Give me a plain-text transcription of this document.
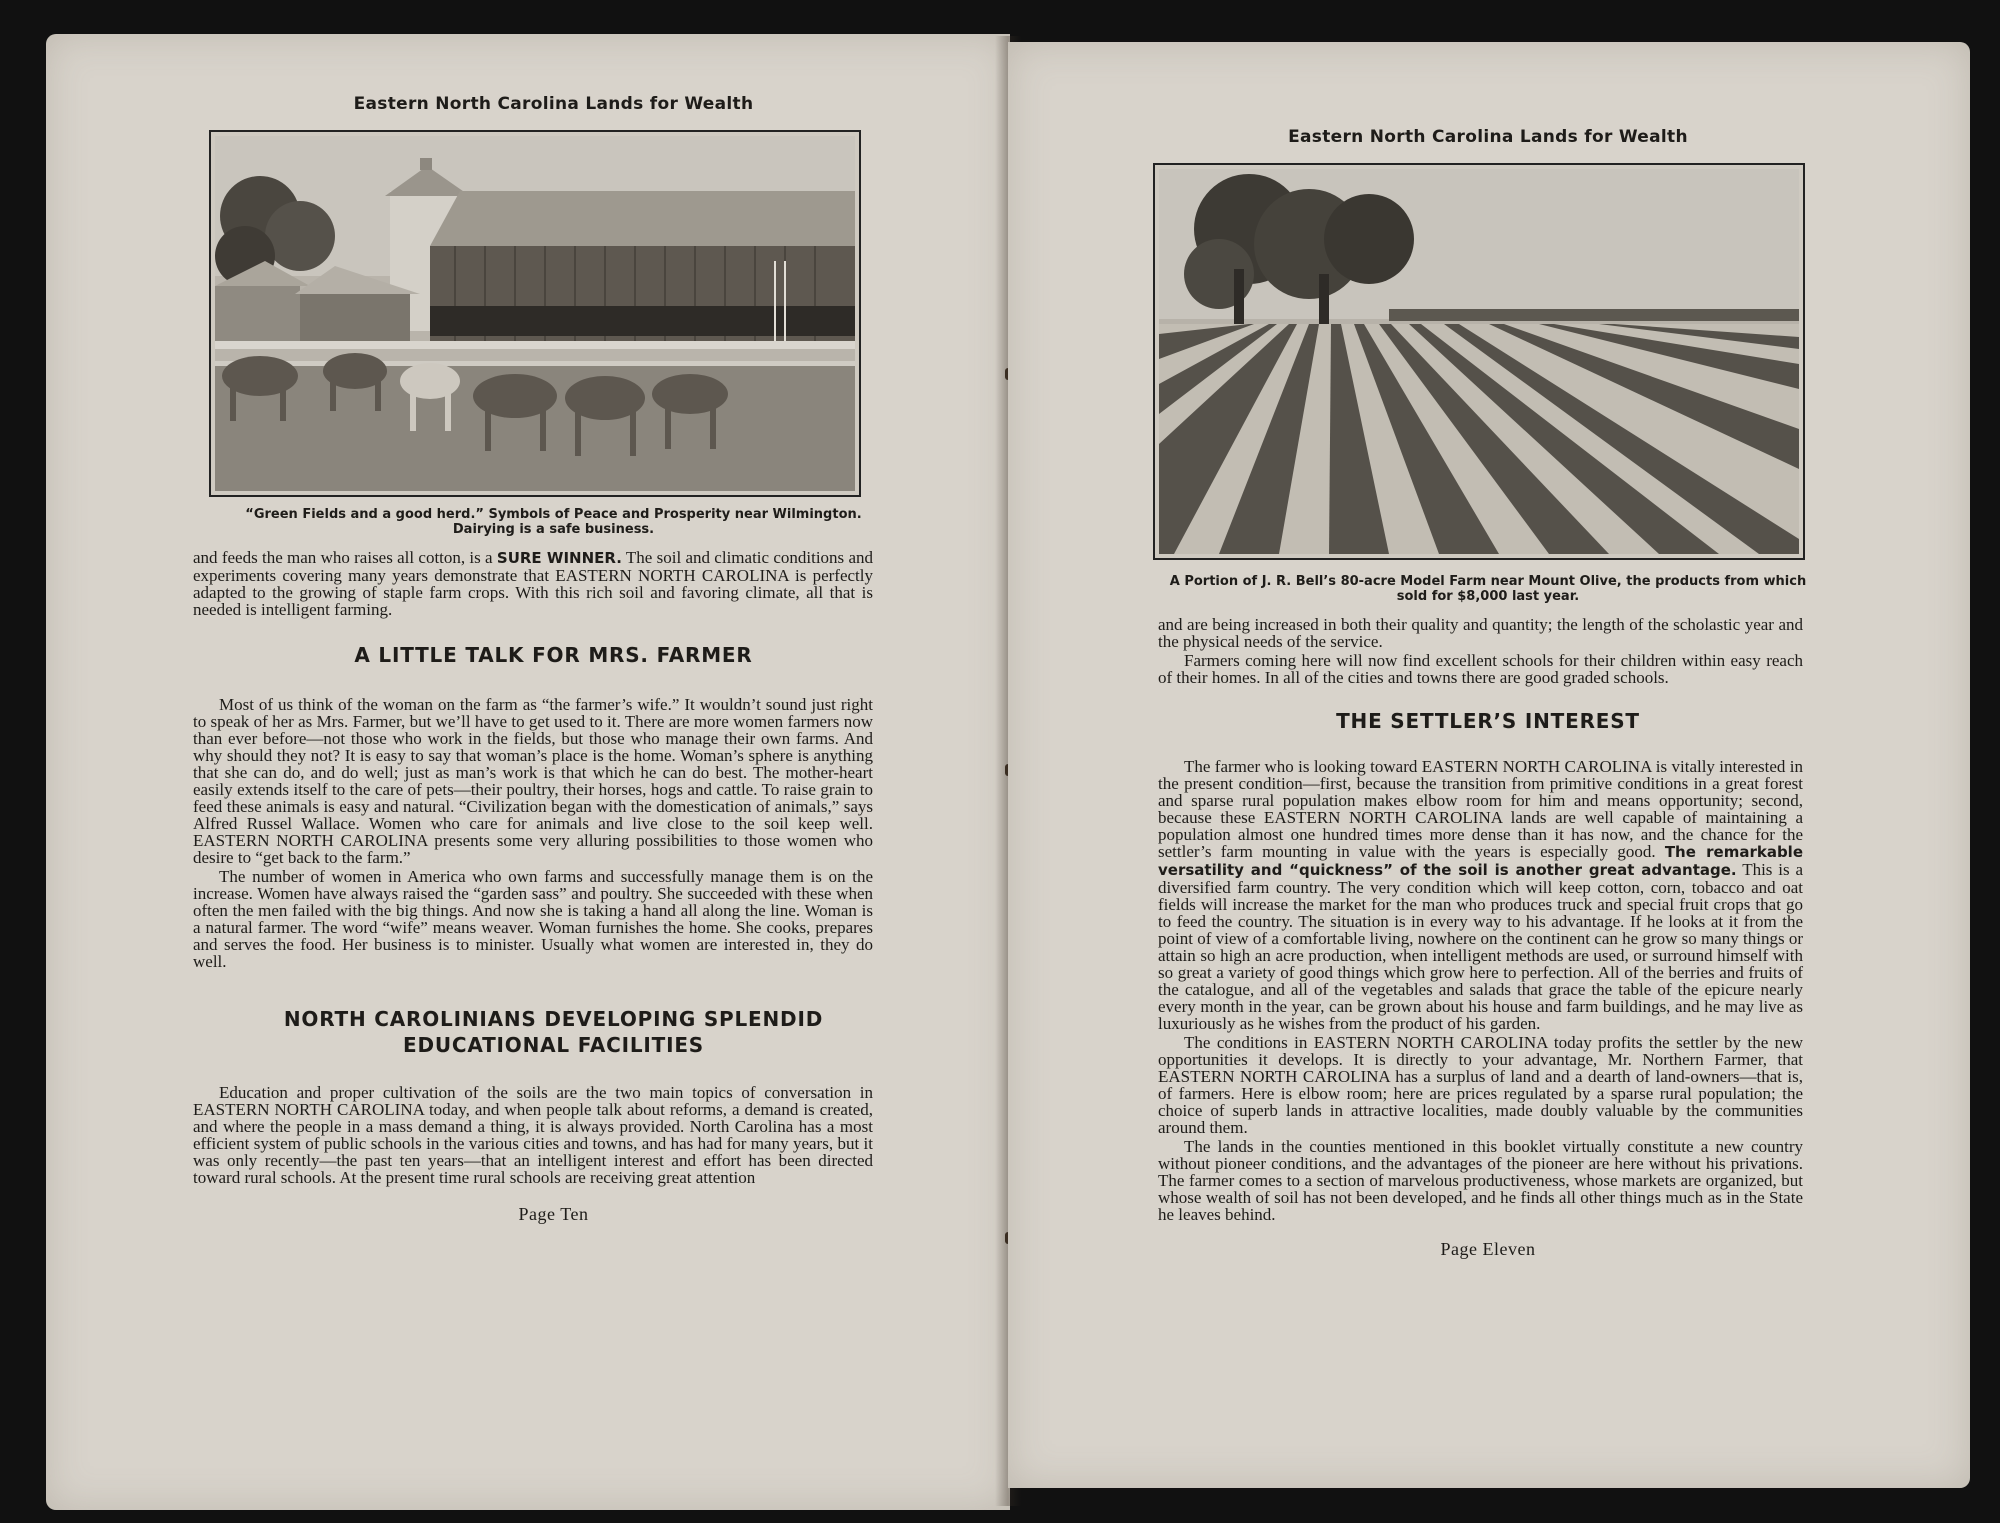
Eastern North Carolina Lands for Wealth
“Green Fields and a good herd.” Symbols of Peace and Prosperity near Wilmington.
Dairying is a safe business.

and feeds the man who raises all cotton, is a SURE WINNER. The soil and climatic conditions and experiments covering many years demonstrate that EASTERN NORTH CAROLINA is perfectly adapted to the growing of staple farm crops. With this rich soil and favoring climate, all that is needed is intelligent farming.

A LITTLE TALK FOR MRS. FARMER

Most of us think of the woman on the farm as “the farmer’s wife.” It wouldn’t sound just right to speak of her as Mrs. Farmer, but we’ll have to get used to it. There are more women farmers now than ever before—not those who work in the fields, but those who manage their own farms. And why should they not? It is easy to say that woman’s place is the home. Woman’s sphere is anything that she can do, and do well; just as man’s work is that which he can do best. The mother-heart easily extends itself to the care of pets—their poultry, their horses, hogs and cattle. To raise grain to feed these animals is easy and natural. “Civilization began with the domestication of animals,” says Alfred Russel Wallace. Women who care for animals and live close to the soil keep well. EASTERN NORTH CAROLINA presents some very alluring possibilities to those women who desire to “get back to the farm.”

The number of women in America who own farms and successfully manage them is on the increase. Women have always raised the “garden sass” and poultry. She succeeded with these when often the men failed with the big things. And now she is taking a hand all along the line. Woman is a natural farmer. The word “wife” means weaver. Woman furnishes the home. She cooks, prepares and serves the food. Her business is to minister. Usually what women are interested in, they do well.

NORTH CAROLINIANS DEVELOPING SPLENDID
EDUCATIONAL FACILITIES

Education and proper cultivation of the soils are the two main topics of conversation in EASTERN NORTH CAROLINA today, and when people talk about reforms, a demand is created, and where the people in a mass demand a thing, it is always provided. North Carolina has a most efficient system of public schools in the various cities and towns, and has had for many years, but it was only recently—the past ten years—that an intelligent interest and effort has been directed toward rural schools. At the present time rural schools are receiving great attention

Page Ten
Eastern North Carolina Lands for Wealth
A Portion of J. R. Bell’s 80-acre Model Farm near Mount Olive, the products from which
sold for $8,000 last year.

and are being increased in both their quality and quantity; the length of the scholastic year and the physical needs of the service.

Farmers coming here will now find excellent schools for their children within easy reach of their homes. In all of the cities and towns there are good graded schools.

THE SETTLER’S INTEREST

The farmer who is looking toward EASTERN NORTH CAROLINA is vitally interested in the present condition—first, because the transition from primitive conditions in a great forest and sparse rural population makes elbow room for him and means opportunity; second, because these EASTERN NORTH CAROLINA lands are well capable of maintaining a population almost one hundred times more dense than it has now, and the chance for the settler’s farm mounting in value with the years is especially good. The remarkable versatility and “quickness” of the soil is another great advantage. This is a diversified farm country. The very condition which will keep cotton, corn, tobacco and oat fields will increase the market for the man who produces truck and special fruit crops that go to feed the country. The situation is in every way to his advantage. If he looks at it from the point of view of a comfortable living, nowhere on the continent can he grow so many things or attain so high an acre production, when intelligent methods are used, or surround himself with so great a variety of good things which grow here to perfection. All of the berries and fruits of the catalogue, and all of the vegetables and salads that grace the table of the epicure nearly every month in the year, can be grown about his house and farm buildings, and he may live as luxuriously as he wishes from the product of his garden.

The conditions in EASTERN NORTH CAROLINA today profits the settler by the new opportunities it develops. It is directly to your advantage, Mr. Northern Farmer, that EASTERN NORTH CAROLINA has a surplus of land and a dearth of land-owners—that is, of farmers. Here is elbow room; here are prices regulated by a sparse rural population; the choice of superb lands in attractive localities, made doubly valuable by the communities around them.

The lands in the counties mentioned in this booklet virtually constitute a new country without pioneer conditions, and the advantages of the pioneer are here without his privations. The farmer comes to a section of marvelous productiveness, whose markets are organized, but whose wealth of soil has not been developed, and he finds all other things much as in the State he leaves behind.

Page Eleven
